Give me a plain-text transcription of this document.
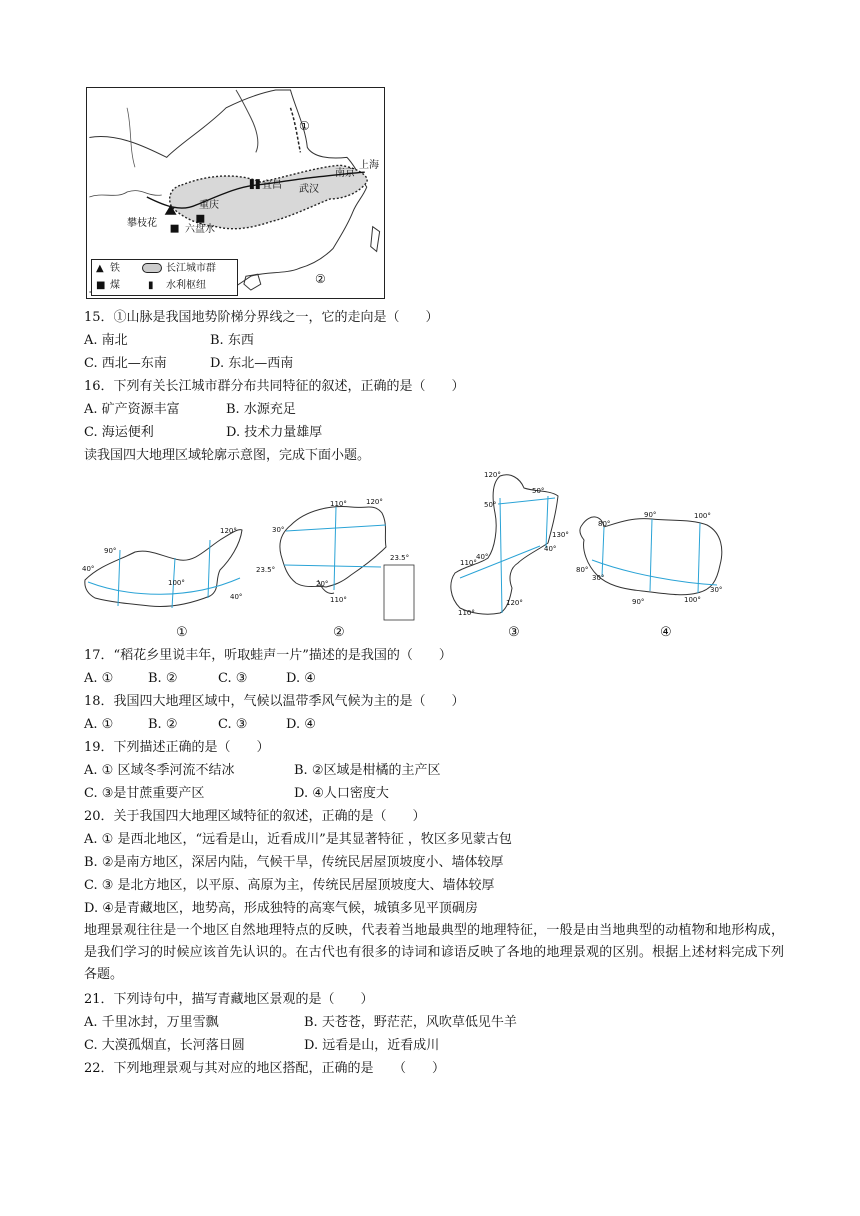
①
②
上海
南京
宜昌 武汉
重庆
攀枝花
六盘水
▲ 铁	长江城市群
■ 煤	▮ 水利枢纽
15．①山脉是我国地势阶梯分界线之一，它的走向是（　　）
A. 南北	B. 东西
C. 西北—东南	D. 东北—西南
16．下列有关长江城市群分布共同特征的叙述，正确的是（　　）
A. 矿产资源丰富	B. 水源充足
C. 海运便利	D. 技术力量雄厚
读我国四大地理区域轮廓示意图，完成下面小题。
40°
40°
90°
100°
120°
①
110°	120°
30°
23.5°
23.5°
20°
110°
②
120°
50°
50°
130°
40°
40°
110°
120°
110°
③
80°
90°	100°
80°
30°
90°	100°
30°
④
17．“稻花乡里说丰年，听取蛙声一片”描述的是我国的（　　）
A. ①	B. ②	C. ③	D. ④
18．我国四大地理区域中，气候以温带季风气候为主的是（　　）
A. ①	B. ②	C. ③	D. ④
19．下列描述正确的是（　　）
A. ① 区域冬季河流不结冰	B. ②区域是柑橘的主产区
C. ③是甘蔗重要产区	D. ④人口密度大
20．关于我国四大地理区域特征的叙述，正确的是（　　）
A. ① 是西北地区，“远看是山，近看成川”是其显著特征 ，牧区多见蒙古包
B. ②是南方地区，深居内陆，气候干旱，传统民居屋顶坡度小、墙体较厚
C. ③ 是北方地区，以平原、高原为主，传统民居屋顶坡度大、墙体较厚
D. ④是青藏地区，地势高，形成独特的高寒气候，城镇多见平顶碉房
地理景观往往是一个地区自然地理特点的反映，代表着当地最典型的地理特征，一般是由当地典型的动植物和地形构成，是我们学习的时候应该首先认识的。在古代也有很多的诗词和谚语反映了各地的地理景观的区别。根据上述材料完成下列各题。
21．下列诗句中，描写青藏地区景观的是（　　）
A. 千里冰封，万里雪飘	B. 天苍苍，野茫茫，风吹草低见牛羊
C. 大漠孤烟直，长河落日圆	D. 远看是山，近看成川
22．下列地理景观与其对应的地区搭配，正确的是　　（　　）
